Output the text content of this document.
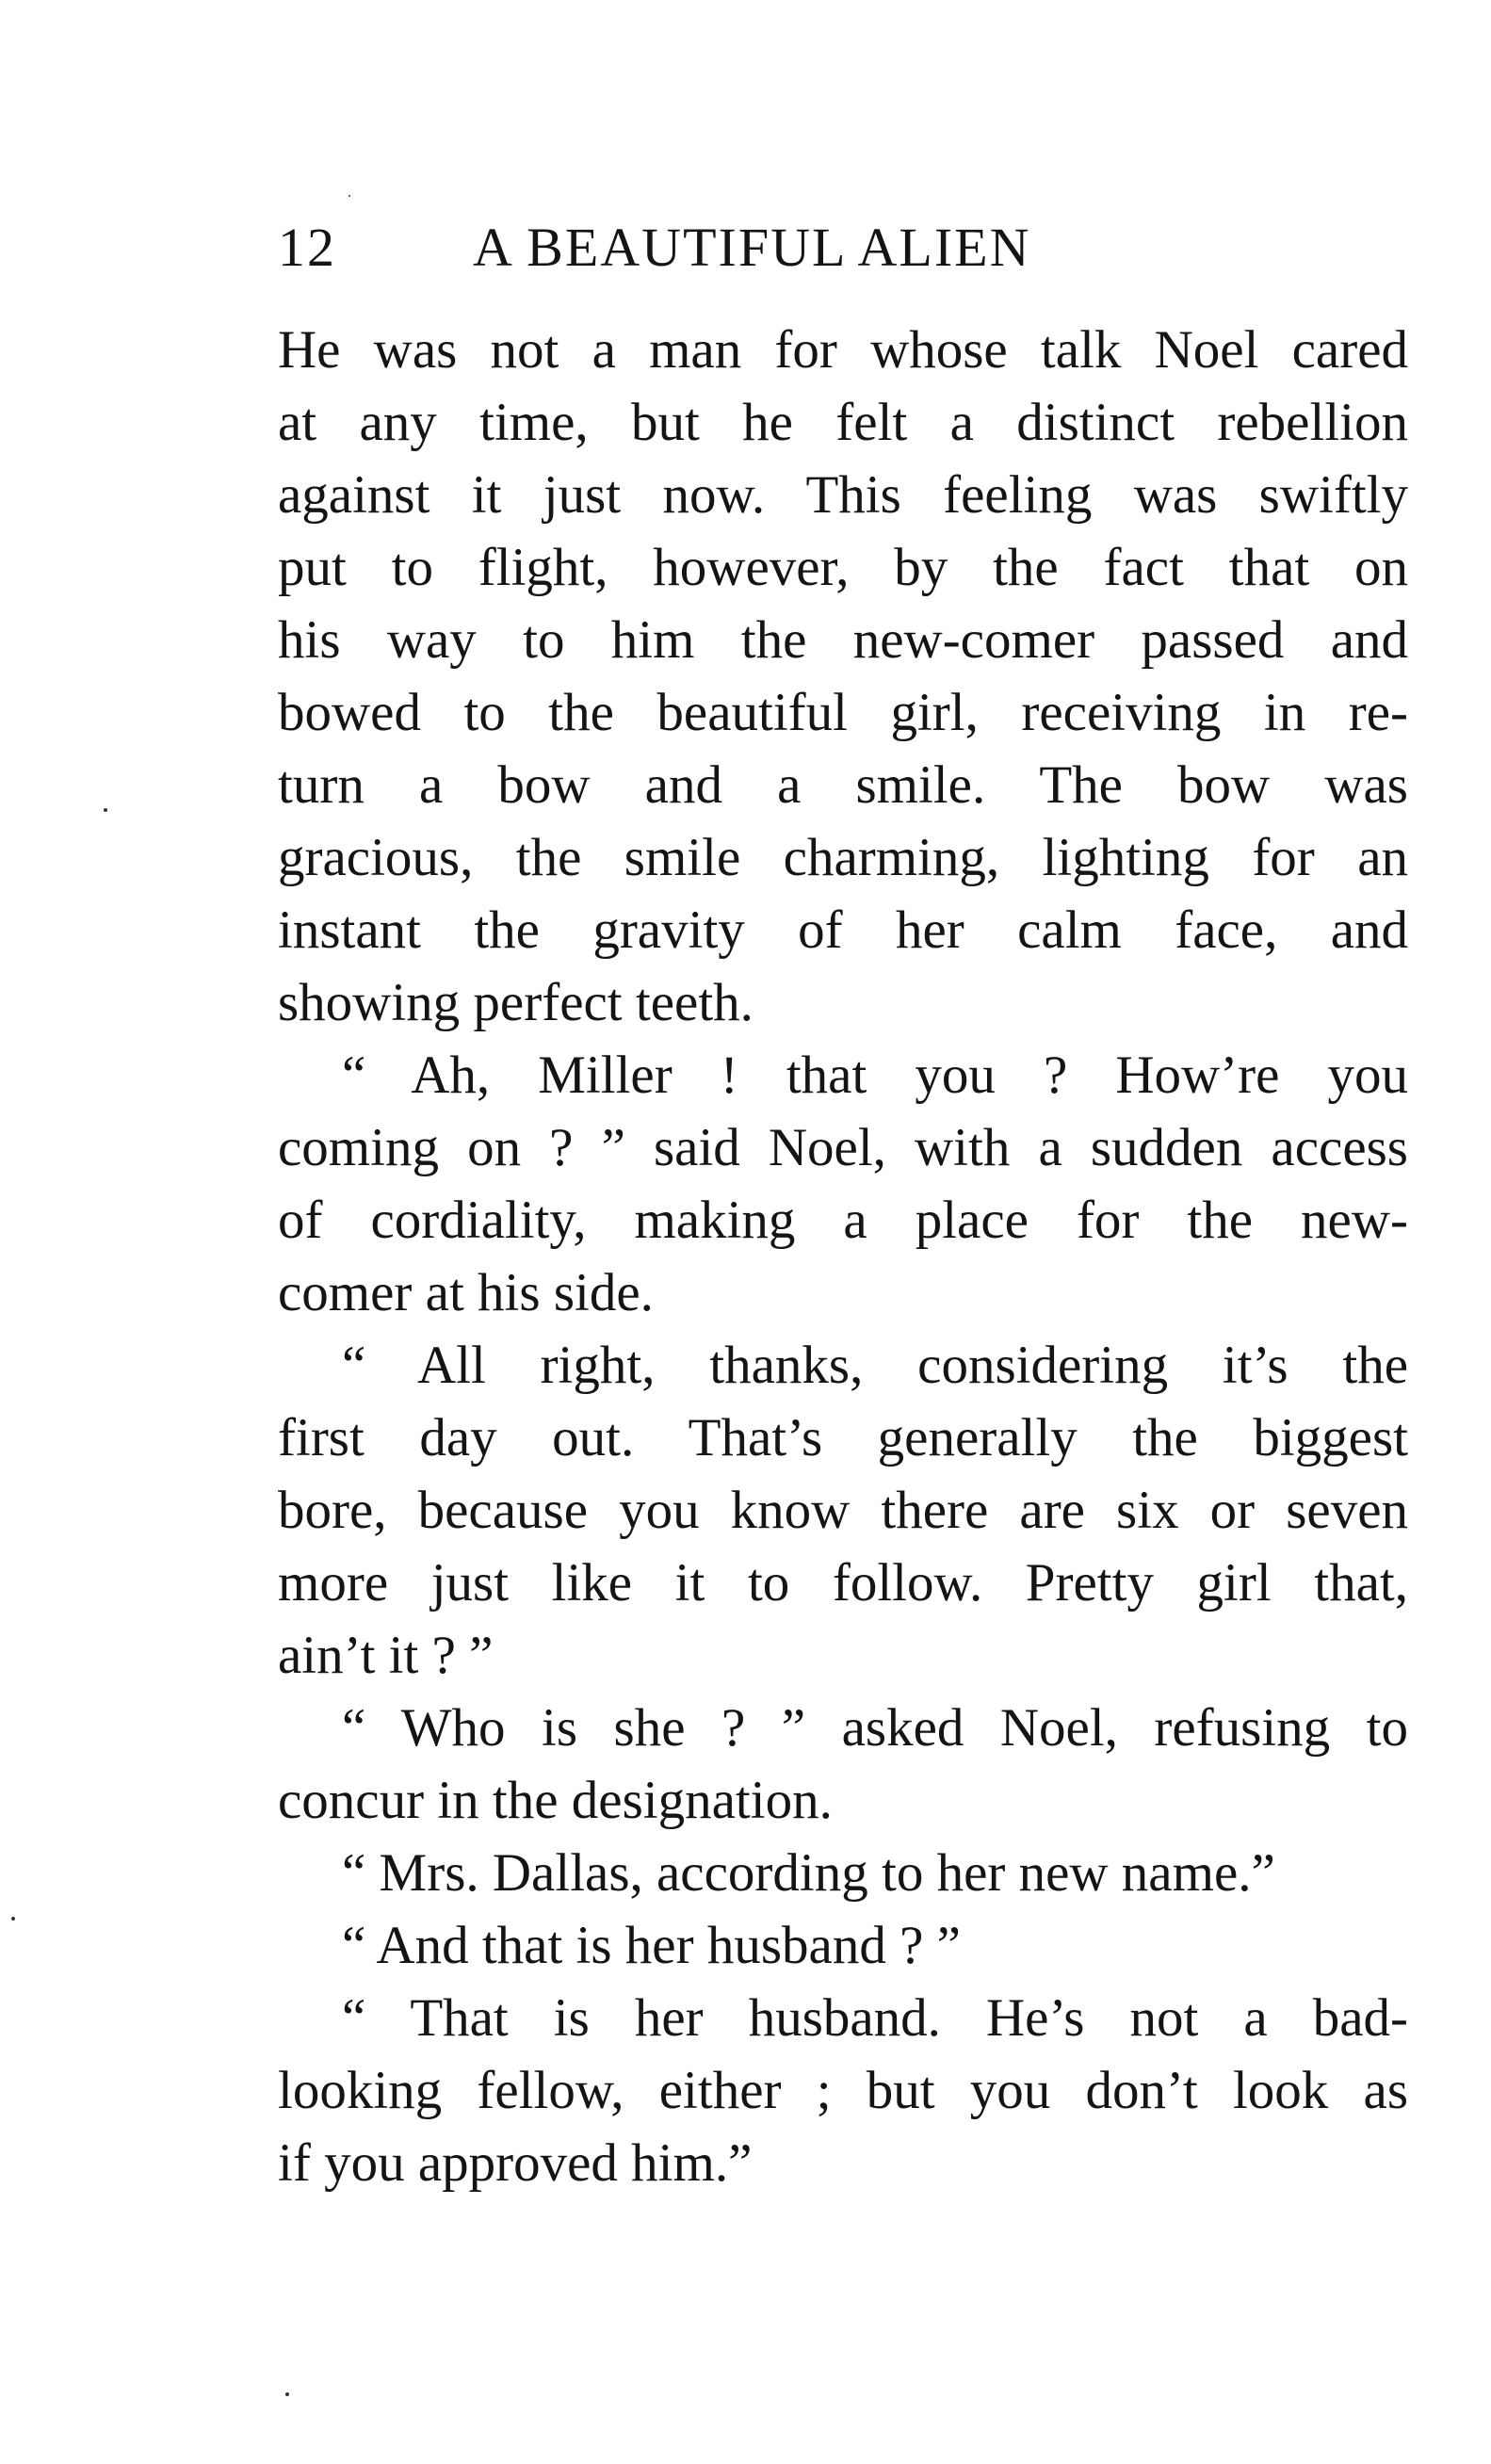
12	A BEAUTIFUL ALIEN
He was not a man for whose talk Noel cared
at any time, but he felt a distinct rebellion
against it just now. This feeling was swiftly
put to flight, however, by the fact that on
his way to him the new-comer passed and
bowed to the beautiful girl, receiving in re-
turn a bow and a smile. The bow was
gracious, the smile charming, lighting for an
instant the gravity of her calm face, and
showing perfect teeth.
“ Ah, Miller ! that you ? How’re you
coming on ? ” said Noel, with a sudden access
of cordiality, making a place for the new-
comer at his side.
“ All right, thanks, considering it’s the
first day out. That’s generally the biggest
bore, because you know there are six or seven
more just like it to follow. Pretty girl that,
ain’t it ? ”
“ Who is she ? ” asked Noel, refusing to
concur in the designation.
“ Mrs. Dallas, according to her new name.”
“ And that is her husband ? ”
“ That is her husband. He’s not a bad-
looking fellow, either ; but you don’t look as
if you approved him.”
